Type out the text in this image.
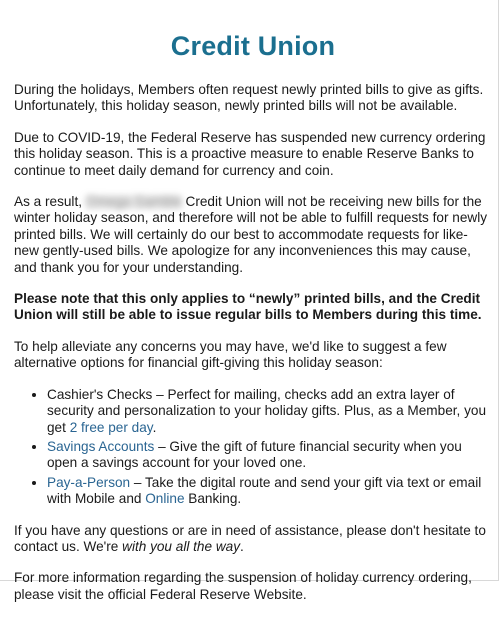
Credit Union

During the holidays, Members often request newly printed bills to give as gifts. Unfortunately, this holiday season, newly printed bills will not be available.

Due to COVID-19, the Federal Reserve has suspended new currency ordering this holiday season. This is a proactive measure to enable Reserve Banks to continue to meet daily demand for currency and coin.

As a result, Omega Gamble Credit Union will not be receiving new bills for the winter holiday season, and therefore will not be able to fulfill requests for newly printed bills. We will certainly do our best to accommodate requests for like-new gently-used bills. We apologize for any inconveniences this may cause, and thank you for your understanding.

Please note that this only applies to “newly” printed bills, and the Credit Union will still be able to issue regular bills to Members during this time.

To help alleviate any concerns you may have, we'd like to suggest a few alternative options for financial gift-giving this holiday season:

• Cashier's Checks – Perfect for mailing, checks add an extra layer of security and personalization to your holiday gifts. Plus, as a Member, you get 2 free per day.
• Savings Accounts – Give the gift of future financial security when you open a savings account for your loved one.
• Pay-a-Person – Take the digital route and send your gift via text or email with Mobile and Online Banking.

If you have any questions or are in need of assistance, please don't hesitate to contact us. We're with you all the way.

For more information regarding the suspension of holiday currency ordering, please visit the official Federal Reserve Website.
